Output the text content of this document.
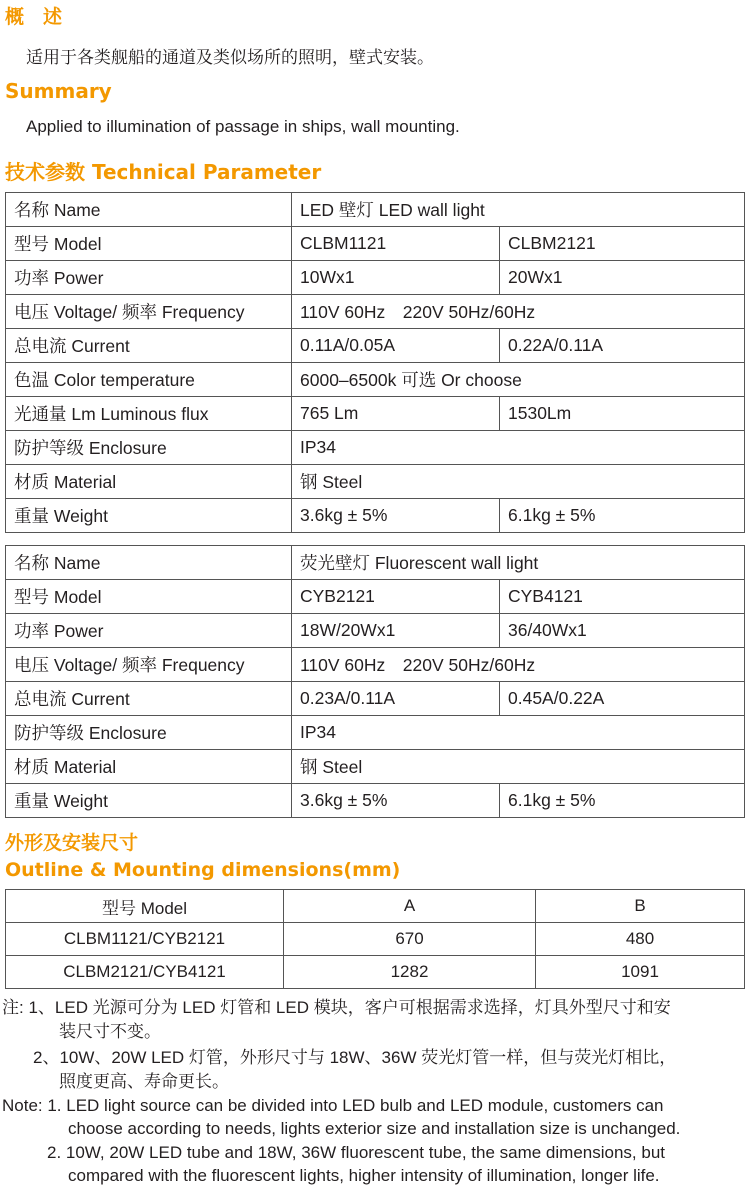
概　述
适用于各类舰船的通道及类似场所的照明，壁式安装。
Summary
Applied to illumination of passage in ships, wall mounting.
技术参数 Technical Parameter
名称 Name	LED 壁灯 LED wall light	
型号 Model	CLBM1121	CLBM2121
功率 Power	10Wx1	20Wx1
电压 Voltage/ 频率 Frequency	110V 60Hz　220V 50Hz/60Hz	
总电流 Current	0.11A/0.05A	0.22A/0.11A
色温 Color temperature	6000–6500k 可选 Or choose	
光通量 Lm Luminous flux	765 Lm	1530Lm
防护等级 Enclosure	IP34	
材质 Material	钢 Steel	
重量 Weight	3.6kg ± 5%	6.1kg ± 5%
名称 Name	荧光壁灯 Fluorescent wall light	
型号 Model	CYB2121	CYB4121
功率 Power	18W/20Wx1	36/40Wx1
电压 Voltage/ 频率 Frequency	110V 60Hz　220V 50Hz/60Hz	
总电流 Current	0.23A/0.11A	0.45A/0.22A
防护等级 Enclosure	IP34	
材质 Material	钢 Steel	
重量 Weight	3.6kg ± 5%	6.1kg ± 5%
外形及安装尺寸
Outline & Mounting dimensions(mm)
型号 Model	A	B
CLBM1121/CYB2121	670	480
CLBM2121/CYB4121	1282	1091
注: 1、LED 光源可分为 LED 灯管和 LED 模块，客户可根据需求选择，灯具外型尺寸和安
装尺寸不变。
2、10W、20W LED 灯管，外形尺寸与 18W、36W 荧光灯管一样，但与荧光灯相比，
照度更高、寿命更长。
Note: 1. LED light source can be divided into LED bulb and LED module, customers can
choose according to needs, lights exterior size and installation size is unchanged.
2. 10W, 20W LED tube and 18W, 36W fluorescent tube, the same dimensions, but
compared with the fluorescent lights, higher intensity of illumination, longer life.
